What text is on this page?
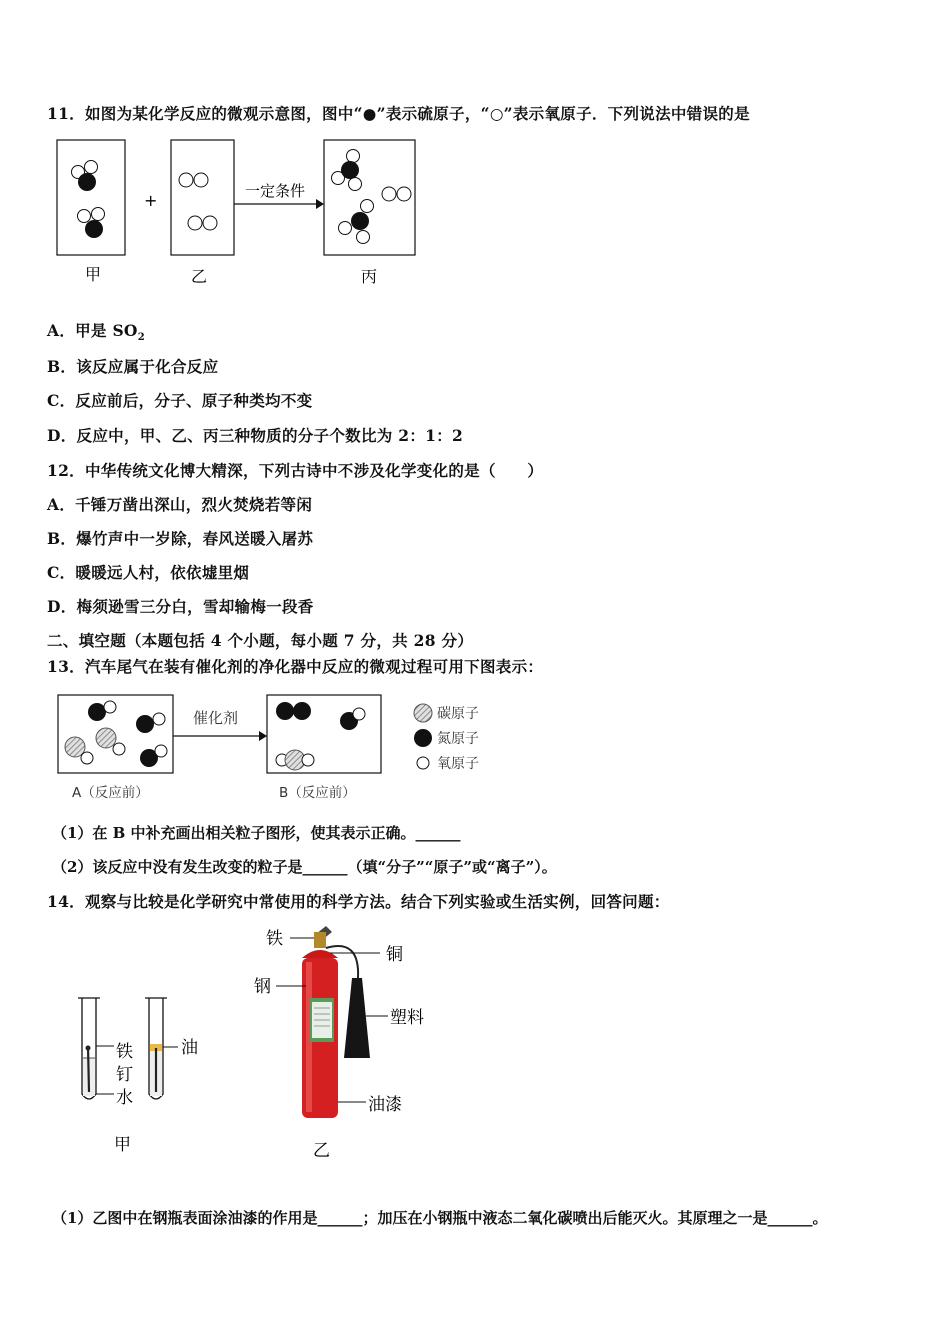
11．如图为某化学反应的微观示意图，图中“●”表示硫原子，“○”表示氧原子．下列说法中错误的是
+	一定条件
甲	乙	丙
A．甲是 $SO_2$
B．该反应属于化合反应
C．反应前后，分子、原子种类均不变
D．反应中，甲、乙、丙三种物质的分子个数比为 2：1：2
12．中华传统文化博大精深，下列古诗中不涉及化学变化的是（　　）
A．千锤万凿出深山，烈火焚烧若等闲
B．爆竹声中一岁除，春风送暖入屠苏
C．暖暖远人村，依依墟里烟
D．梅须逊雪三分白，雪却输梅一段香
二、填空题（本题包括 4 个小题，每小题 7 分，共 28 分）
13．汽车尾气在装有催化剂的净化器中反应的微观过程可用下图表示：
催化剂
A（反应前）	B（反应前）
碳原子
氮原子
氧原子
（1）在 B 中补充画出相关粒子图形，使其表示正确。______
（2）该反应中没有发生改变的粒子是______（填“分子”“原子”或“离子”）。
14．观察与比较是化学研究中常使用的科学方法。结合下列实验或生活实例，回答问题：
铁
钉
水
油
甲
铁
铜
钢
塑料
油漆
乙
（1）乙图中在钢瓶表面涂油漆的作用是______；加压在小钢瓶中液态二氧化碳喷出后能灭火。其原理之一是______。
